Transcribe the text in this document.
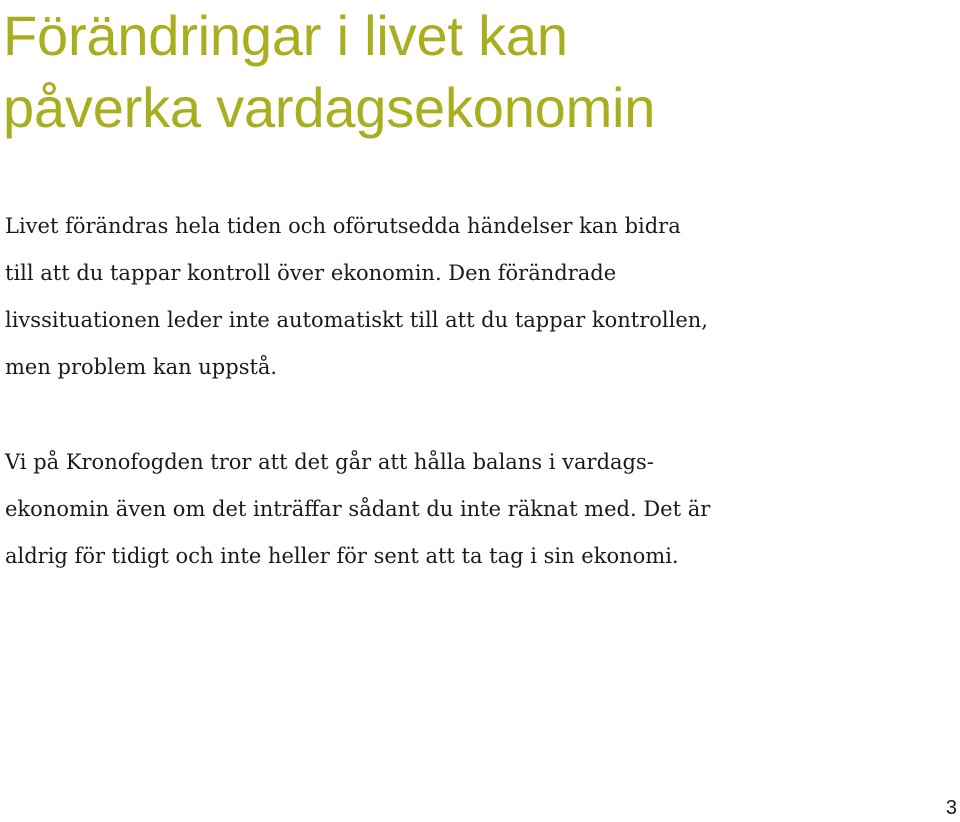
Förändringar i livet kan
påverka vardagsekonomin

Livet förändras hela tiden och oförutsedda händelser kan bidra
till att du tappar kontroll över ekonomin. Den förändrade
livssituationen leder inte automatiskt till att du tappar kontrollen,
men problem kan uppstå.

Vi på Kronofogden tror att det går att hålla balans i vardags-
ekonomin även om det inträffar sådant du inte räknat med. Det är
aldrig för tidigt och inte heller för sent att ta tag i sin ekonomi.

3
